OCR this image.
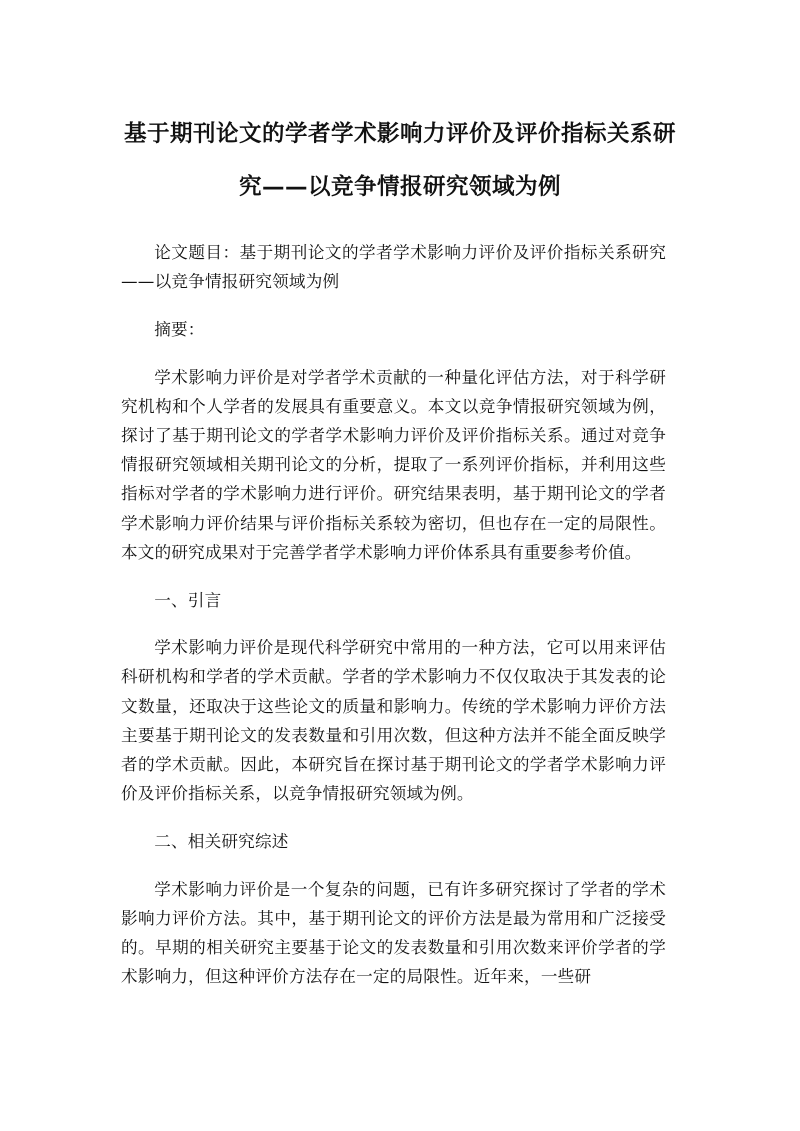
基于期刊论文的学者学术影响力评价及评价指标关系研究——以竞争情报研究领域为例

论文题目：基于期刊论文的学者学术影响力评价及评价指标关系研究——以竞争情报研究领域为例

摘要：

学术影响力评价是对学者学术贡献的一种量化评估方法，对于科学研究机构和个人学者的发展具有重要意义。本文以竞争情报研究领域为例，探讨了基于期刊论文的学者学术影响力评价及评价指标关系。通过对竞争情报研究领域相关期刊论文的分析，提取了一系列评价指标，并利用这些指标对学者的学术影响力进行评价。研究结果表明，基于期刊论文的学者学术影响力评价结果与评价指标关系较为密切，但也存在一定的局限性。本文的研究成果对于完善学者学术影响力评价体系具有重要参考价值。

一、引言

学术影响力评价是现代科学研究中常用的一种方法，它可以用来评估科研机构和学者的学术贡献。学者的学术影响力不仅仅取决于其发表的论文数量，还取决于这些论文的质量和影响力。传统的学术影响力评价方法主要基于期刊论文的发表数量和引用次数，但这种方法并不能全面反映学者的学术贡献。因此，本研究旨在探讨基于期刊论文的学者学术影响力评价及评价指标关系，以竞争情报研究领域为例。

二、相关研究综述

学术影响力评价是一个复杂的问题，已有许多研究探讨了学者的学术影响力评价方法。其中，基于期刊论文的评价方法是最为常用和广泛接受的。早期的相关研究主要基于论文的发表数量和引用次数来评价学者的学术影响力，但这种评价方法存在一定的局限性。近年来，一些研
